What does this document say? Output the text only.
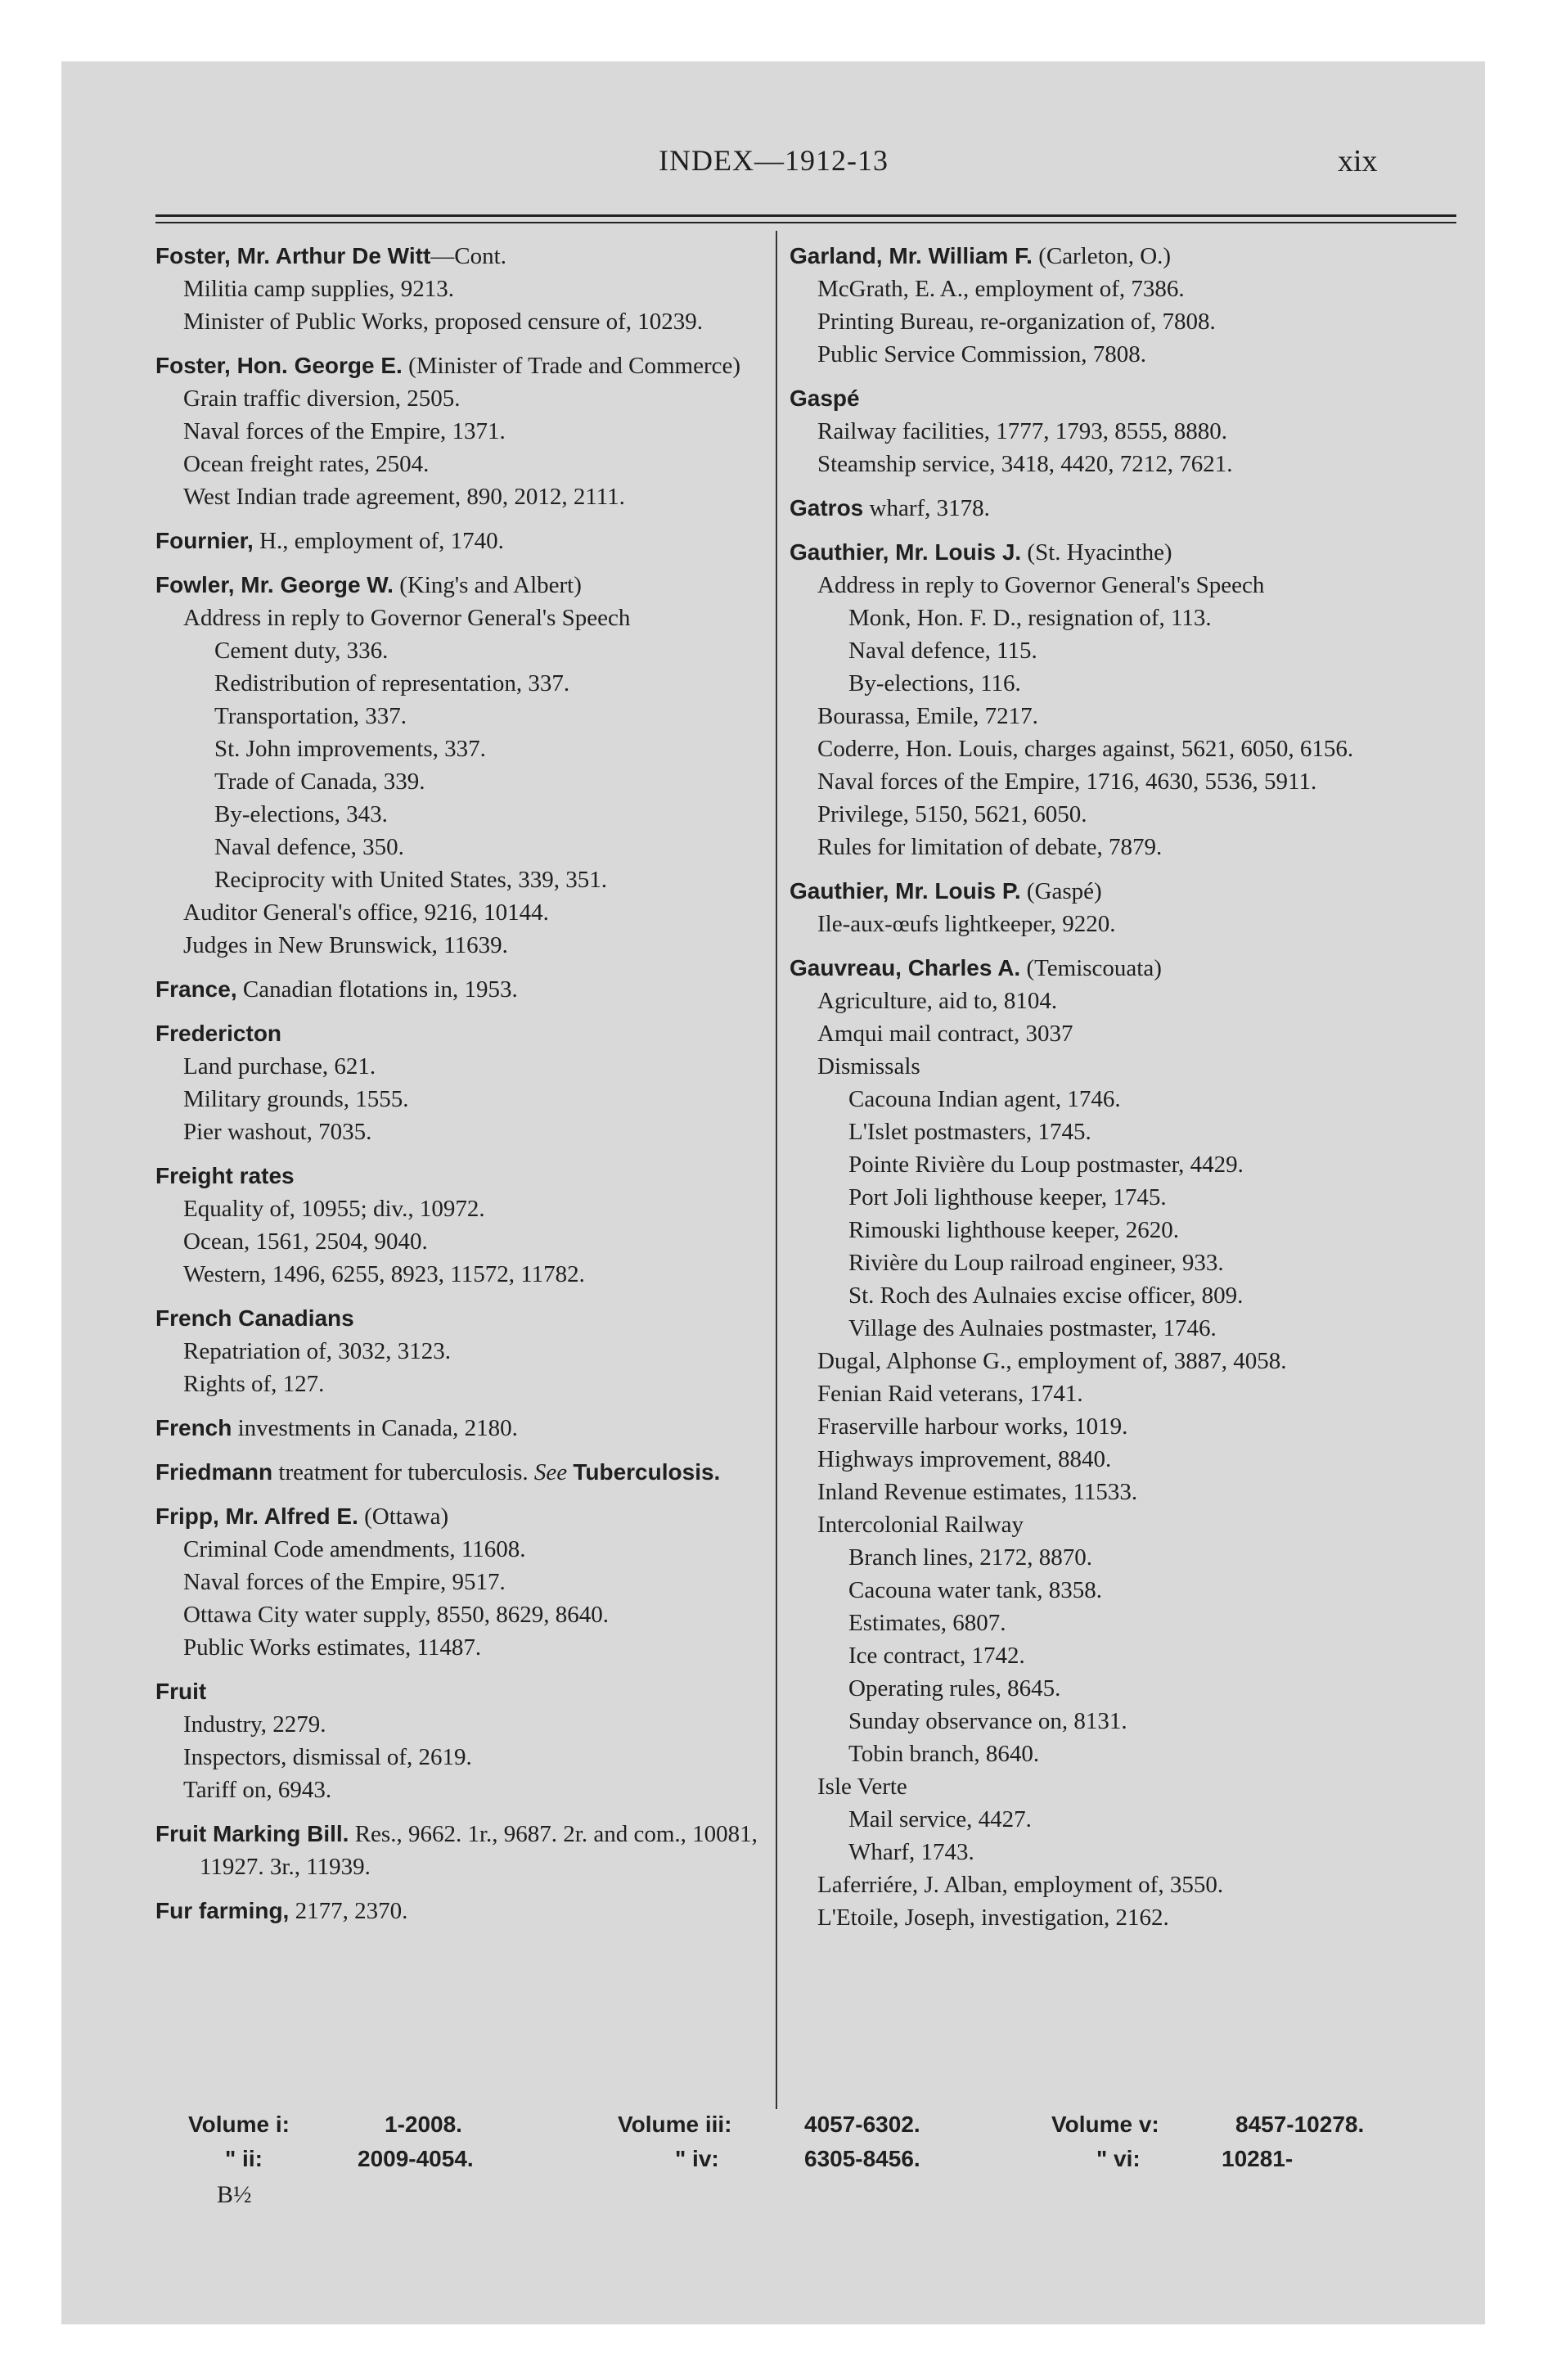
INDEX—1912-13	xix
Foster, Mr. Arthur De Witt—Cont.
Militia camp supplies, 9213.
Minister of Public Works, proposed censure of, 10239.
Foster, Hon. George E. (Minister of Trade and Commerce)
Grain traffic diversion, 2505.
Naval forces of the Empire, 1371.
Ocean freight rates, 2504.
West Indian trade agreement, 890, 2012, 2111.
Fournier, H., employment of, 1740.
Fowler, Mr. George W. (King's and Albert)
Address in reply to Governor General's Speech
Cement duty, 336.
Redistribution of representation, 337.
Transportation, 337.
St. John improvements, 337.
Trade of Canada, 339.
By-elections, 343.
Naval defence, 350.
Reciprocity with United States, 339, 351.
Auditor General's office, 9216, 10144.
Judges in New Brunswick, 11639.
France, Canadian flotations in, 1953.
Fredericton
Land purchase, 621.
Military grounds, 1555.
Pier washout, 7035.
Freight rates
Equality of, 10955; div., 10972.
Ocean, 1561, 2504, 9040.
Western, 1496, 6255, 8923, 11572, 11782.
French Canadians
Repatriation of, 3032, 3123.
Rights of, 127.
French investments in Canada, 2180.
Friedmann treatment for tuberculosis. See Tuberculosis.
Fripp, Mr. Alfred E. (Ottawa)
Criminal Code amendments, 11608.
Naval forces of the Empire, 9517.
Ottawa City water supply, 8550, 8629, 8640.
Public Works estimates, 11487.
Fruit
Industry, 2279.
Inspectors, dismissal of, 2619.
Tariff on, 6943.
Fruit Marking Bill. Res., 9662. 1r., 9687. 2r. and com., 10081, 11927. 3r., 11939.
Fur farming, 2177, 2370.
Garland, Mr. William F. (Carleton, O.)
McGrath, E. A., employment of, 7386.
Printing Bureau, re-organization of, 7808.
Public Service Commission, 7808.
Gaspé
Railway facilities, 1777, 1793, 8555, 8880.
Steamship service, 3418, 4420, 7212, 7621.
Gatros wharf, 3178.
Gauthier, Mr. Louis J. (St. Hyacinthe)
Address in reply to Governor General's Speech
Monk, Hon. F. D., resignation of, 113.
Naval defence, 115.
By-elections, 116.
Bourassa, Emile, 7217.
Coderre, Hon. Louis, charges against, 5621, 6050, 6156.
Naval forces of the Empire, 1716, 4630, 5536, 5911.
Privilege, 5150, 5621, 6050.
Rules for limitation of debate, 7879.
Gauthier, Mr. Louis P. (Gaspé)
Ile-aux-œufs lightkeeper, 9220.
Gauvreau, Charles A. (Temiscouata)
Agriculture, aid to, 8104.
Amqui mail contract, 3037
Dismissals
Cacouna Indian agent, 1746.
L'Islet postmasters, 1745.
Pointe Rivière du Loup postmaster, 4429.
Port Joli lighthouse keeper, 1745.
Rimouski lighthouse keeper, 2620.
Rivière du Loup railroad engineer, 933.
St. Roch des Aulnaies excise officer, 809.
Village des Aulnaies postmaster, 1746.
Dugal, Alphonse G., employment of, 3887, 4058.
Fenian Raid veterans, 1741.
Fraserville harbour works, 1019.
Highways improvement, 8840.
Inland Revenue estimates, 11533.
Intercolonial Railway
Branch lines, 2172, 8870.
Cacouna water tank, 8358.
Estimates, 6807.
Ice contract, 1742.
Operating rules, 8645.
Sunday observance on, 8131.
Tobin branch, 8640.
Isle Verte
Mail service, 4427.
Wharf, 1743.
Laferriére, J. Alban, employment of, 3550.
L'Etoile, Joseph, investigation, 2162.
Volume i:	1-2008.	Volume iii:	4057-6302.	Volume v:	8457-10278.
" ii:	2009-4054.	" iv:	6305-8456.	" vi:	10281-
B½
